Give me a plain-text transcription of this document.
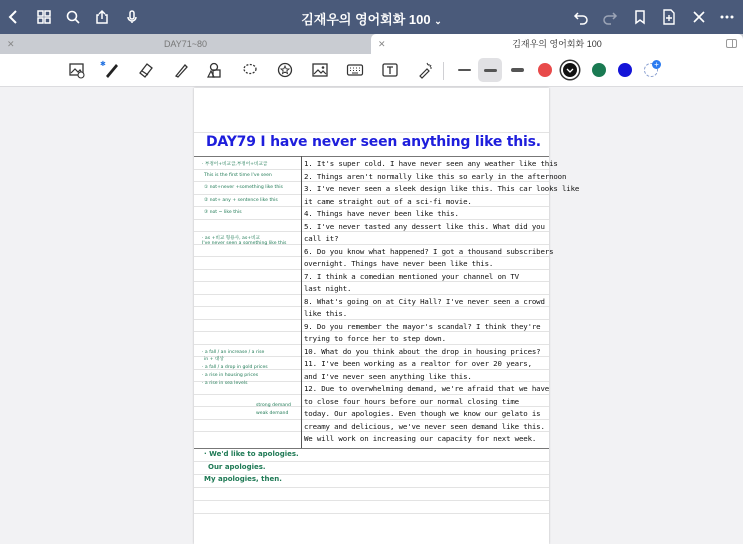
김재우의 영어회화 100 ⌄
✕	DAY71~80	✕	김재우의 영어회화 100
✱	+
DAY79 I have never seen anything like this.
· 부정어+비교급,부정어+비교급
This is the first time I've seen
① not+never +something like this
② not+ any + sentence like this
③ not ~ like this
· as +비교 형용사, as+비교
I've never seen a something like this
· a fall / an increase / a rise
in + 대상
· a fall / a drop in gold prices
· a rise in housing prices
· a rise in sea levels
strong demand
weak demand
1. It's super cold. I have never seen any weather like this
2. Things aren't normally like this so early in the afternoon
3. I've never seen a sleek design like this. This car looks like
it came straight out of a sci-fi movie.
4. Things have never been like this.
5. I've never tasted any dessert like this. What did you
call it?
6. Do you know what happened? I got a thousand subscribers
overnight. Things have never been like this.
7. I think a comedian mentioned your channel on TV
last night.
8. What's going on at City Hall? I've never seen a crowd
like this.
9. Do you remember the mayor's scandal? I think they're
trying to force her to step down.
10. What do you think about the drop in housing prices?
11. I've been working as a realtor for over 20 years,
and I've never seen anything like this.
12. Due to overwhelming demand, we're afraid that we have
to close four hours before our normal closing time
today. Our apologies. Even though we know our gelato is
creamy and delicious, we've never seen demand like this.
We will work on increasing our capacity for next week.
· We'd like to apologies.
Our apologies.
My apologies, then.
